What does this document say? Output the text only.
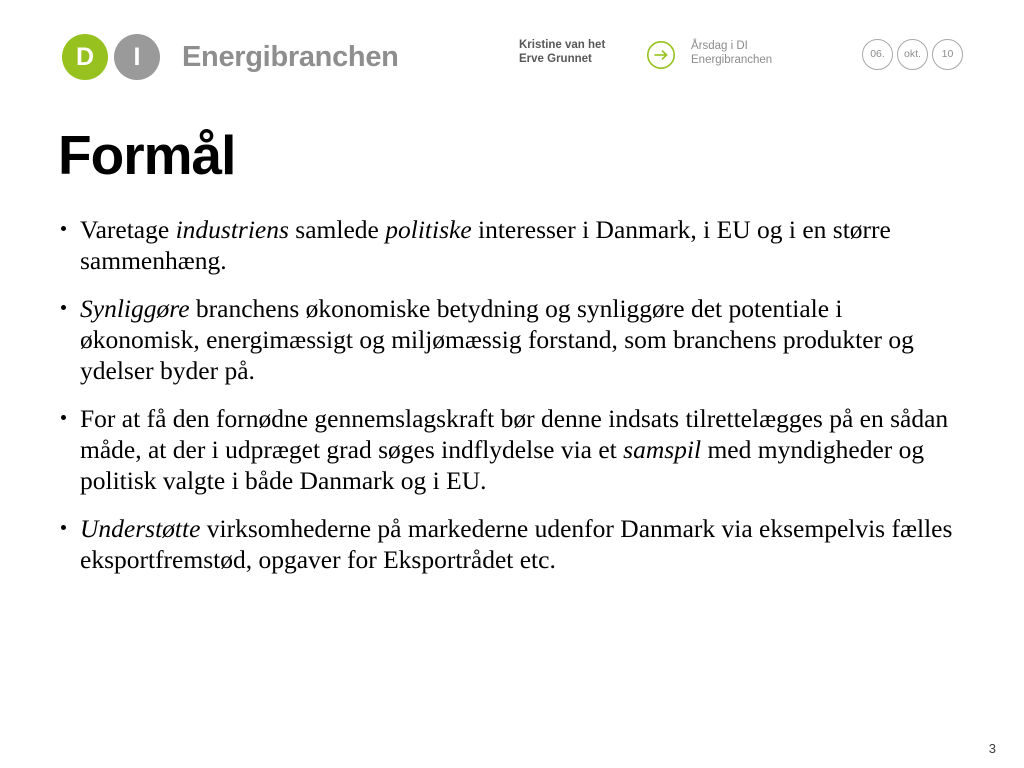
D I Energibranchen	Kristine van het
Erve Grunnet
Årsdag i DI
Energibranchen	06.	okt.	10
Formål
Varetage industriens samlede politiske interesser i Danmark, i EU og i en større sammenhæng.
Synliggøre branchens økonomiske betydning og synliggøre det potentiale i økonomisk, energimæssigt og miljømæssig forstand, som branchens produkter og ydelser byder på.
For at få den fornødne gennemslagskraft bør denne indsats tilrettelægges på en sådan måde, at der i udpræget grad søges indflydelse via et samspil med myndigheder og politisk valgte i både Danmark og i EU.
Understøtte virksomhederne på markederne udenfor Danmark via eksempelvis fælles eksportfremstød, opgaver for Eksportrådet etc.
3
